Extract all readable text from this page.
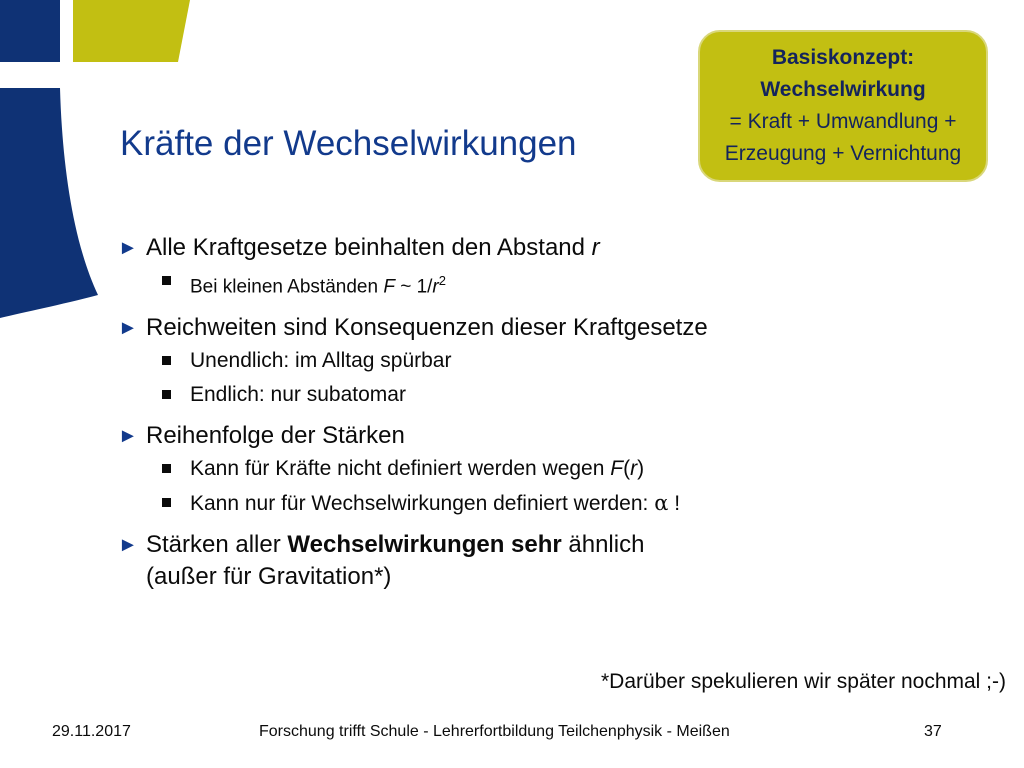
Basiskonzept:
Wechselwirkung
= Kraft + Umwandlung +
Erzeugung + Vernichtung
Kräfte der Wechselwirkungen
► Alle Kraftgesetze beinhalten den Abstand r
Bei kleinen Abständen F ~ $1/r^2$
► Reichweiten sind Konsequenzen dieser Kraftgesetze
Unendlich: im Alltag spürbar
Endlich: nur subatomar
► Reihenfolge der Stärken
Kann für Kräfte nicht definiert werden wegen F(r)
Kann nur für Wechselwirkungen definiert werden: α !
► Stärken aller Wechselwirkungen sehr ähnlich
(außer für Gravitation*)
*Darüber spekulieren wir später nochmal ;-)
29.11.2017	Forschung trifft Schule - Lehrerfortbildung Teilchenphysik - Meißen	37
